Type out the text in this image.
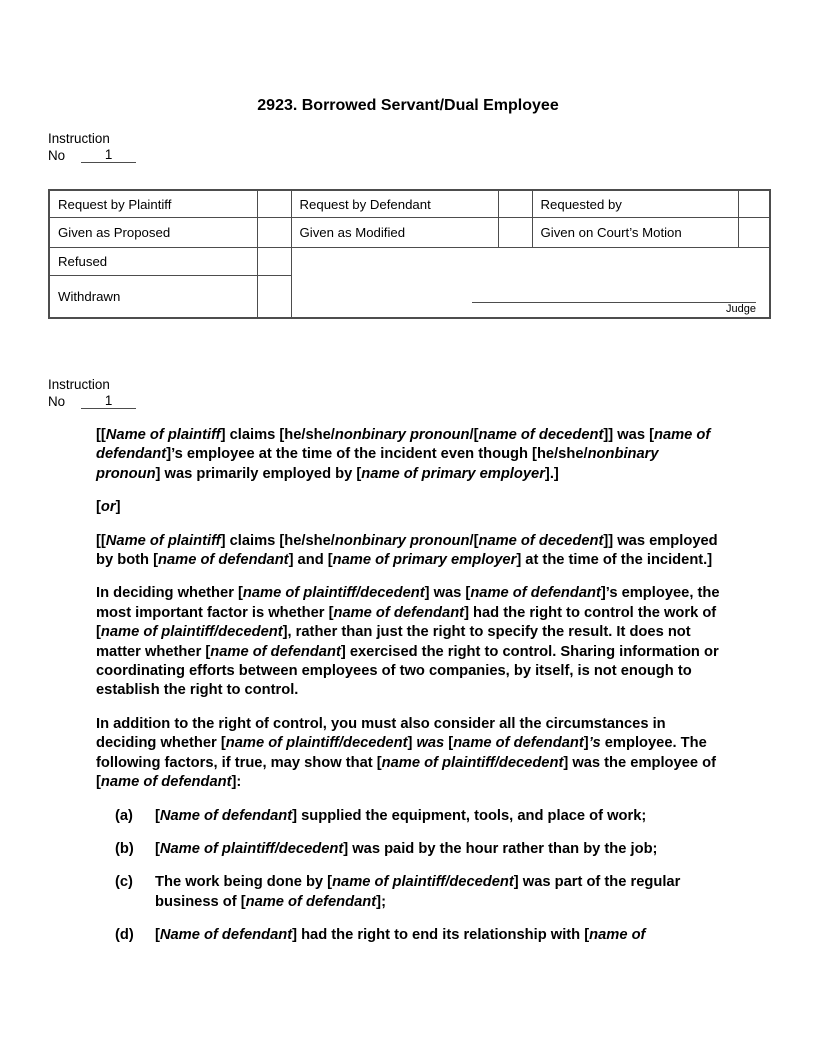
2923. Borrowed Servant/Dual Employee
Instruction
No	1
Request by Plaintiff		Request by Defendant		Requested by	
Given as Proposed		Given as Modified		Given on Court’s Motion	
Refused		Judge			

Withdrawn					
Instruction
No	1

[[Name of plaintiff] claims [he/she/nonbinary pronoun/[name of decedent]] was [name of defendant]’s employee at the time of the incident even though [he/she/nonbinary pronoun] was primarily employed by [name of primary employer].]

[or]

[[Name of plaintiff] claims [he/she/nonbinary pronoun/[name of decedent]] was employed by both [name of defendant] and [name of primary employer] at the time of the incident.]

In deciding whether [name of plaintiff/decedent] was [name of defendant]’s employee, the most important factor is whether [name of defendant] had the right to control the work of [name of plaintiff/decedent], rather than just the right to specify the result. It does not matter whether [name of defendant] exercised the right to control. Sharing information or coordinating efforts between employees of two companies, by itself, is not enough to establish the right to control.

In addition to the right of control, you must also consider all the circumstances in deciding whether [name of plaintiff/decedent] was [name of defendant]’s employee. The following factors, if true, may show that [name of plaintiff/decedent] was the employee of [name of defendant]:

(a)	[Name of defendant] supplied the equipment, tools, and place of work;
(b)	[Name of plaintiff/decedent] was paid by the hour rather than by the job;
(c)	The work being done by [name of plaintiff/decedent] was part of the regular business of [name of defendant];
(d)	[Name of defendant] had the right to end its relationship with [name of
